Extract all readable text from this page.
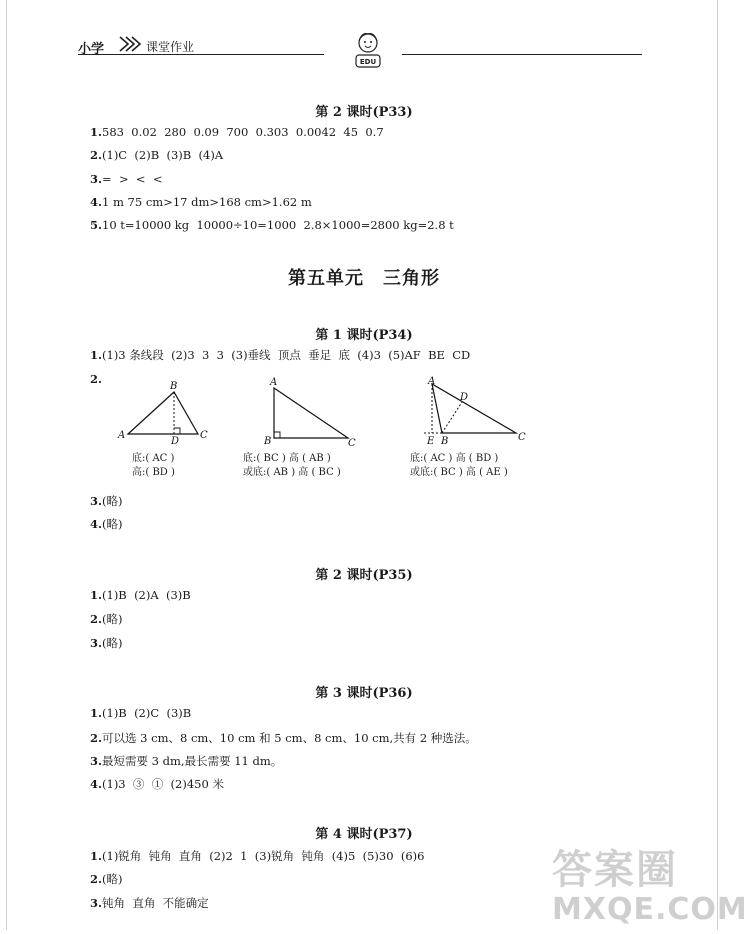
小学	课堂作业
EDU
第 2 课时(P33)
1.583  0.02  280  0.09  700  0.303  0.0042  45  0.7
2.(1)C  (2)B  (3)B  (4)A
3.=  >  <  <
4.1 m 75 cm>17 dm>168 cm>1.62 m
5.10 t=10000 kg  10000÷10=1000  2.8×1000=2800 kg=2.8 t
第五单元　三角形
第 1 课时(P34)
1.(1)3 条线段  (2)3  3  3  (3)垂线  顶点  垂足  底  (4)3  (5)AF  BE  CD
2.
B
A
D
C
底:( AC )
高:( BD )
A
B	C
底:( BC ) 高 ( AB )
或底:( AB ) 高 ( BC )
A
D
E B	C
底:( AC ) 高 ( BD )
或底:( BC ) 高 ( AE )
3.(略)
4.(略)
第 2 课时(P35)
1.(1)B  (2)A  (3)B
2.(略)
3.(略)
第 3 课时(P36)
1.(1)B  (2)C  (3)B
2.可以选 3 cm、8 cm、10 cm 和 5 cm、8 cm、10 cm,共有 2 种选法。
3.最短需要 3 dm,最长需要 11 dm。
4.(1)3  ③  ①  (2)450 米
第 4 课时(P37)
1.(1)锐角  钝角  直角  (2)2  1  (3)锐角  钝角  (4)5  (5)30  (6)6
2.(略)
3.钝角  直角  不能确定
答案圈
MXQE.COM
